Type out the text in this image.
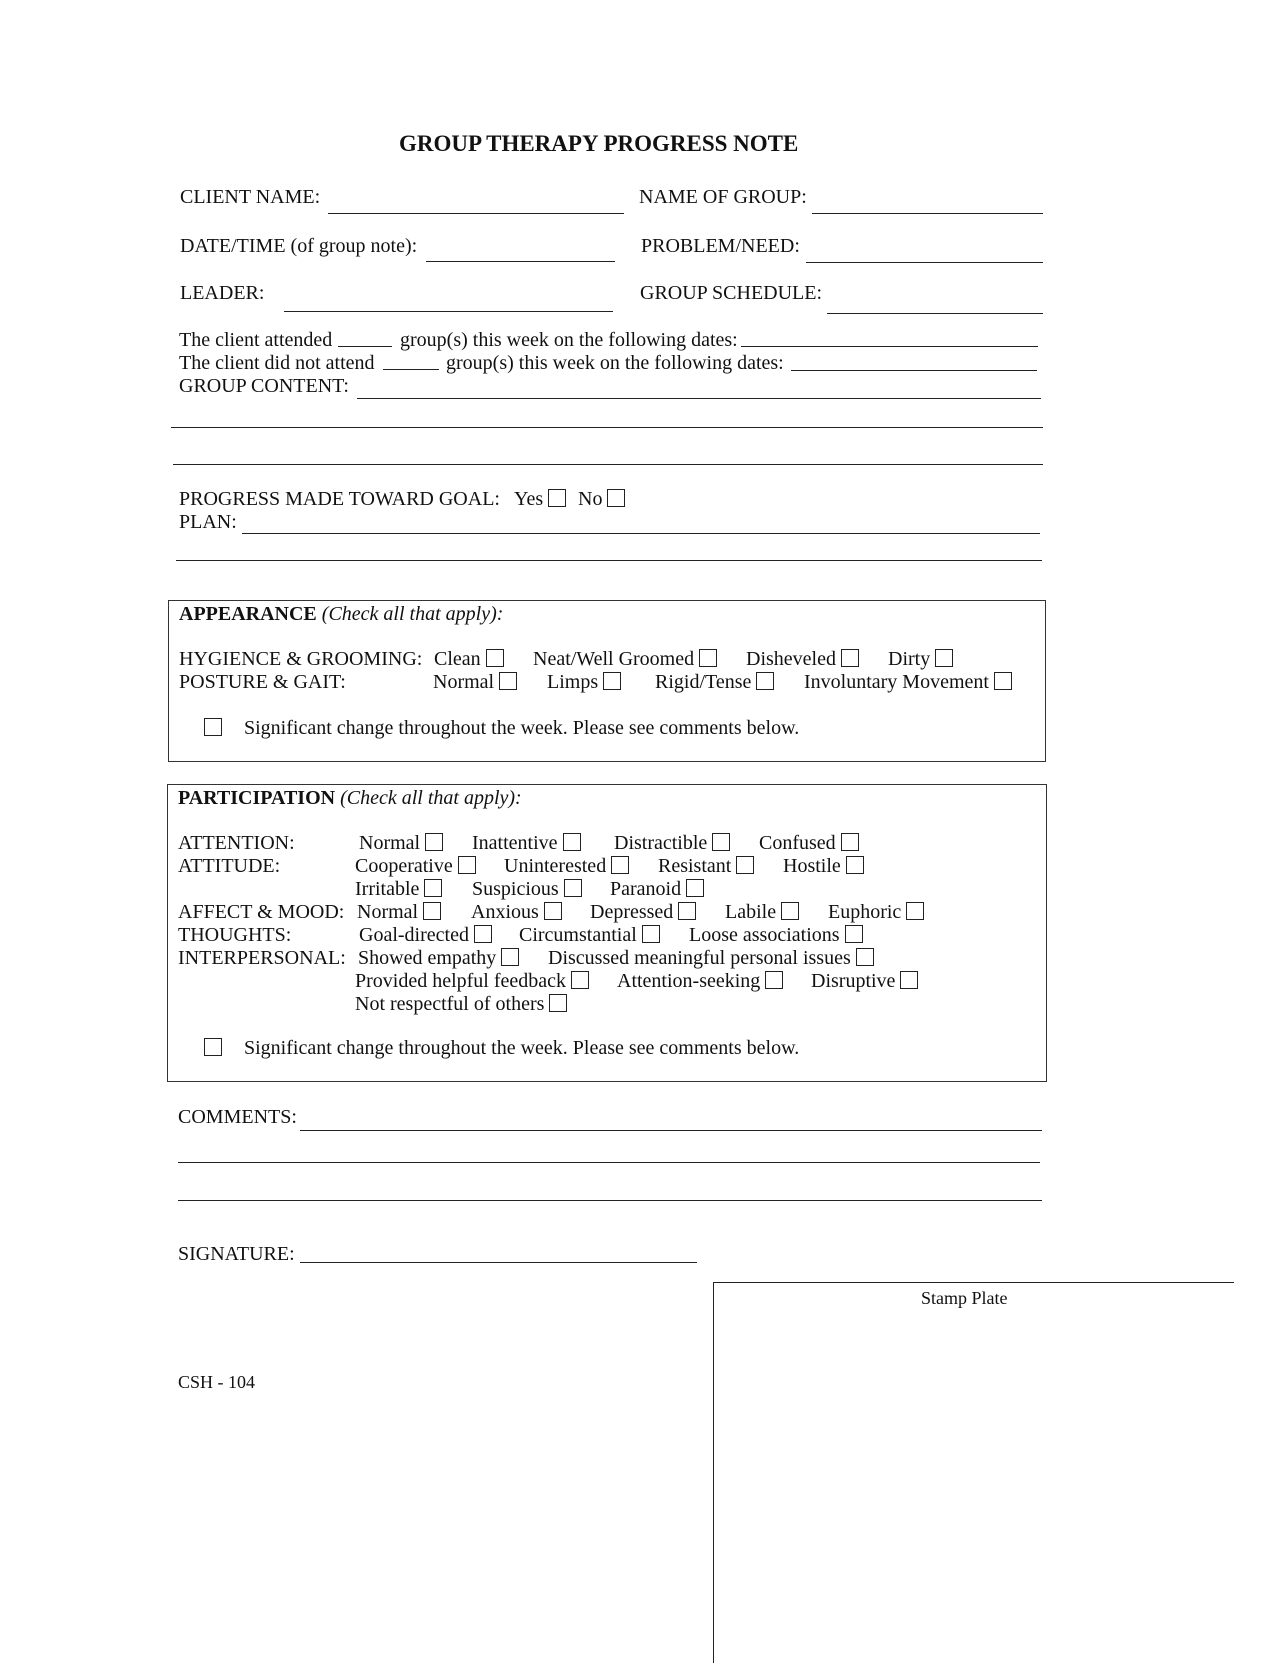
GROUP THERAPY PROGRESS NOTE
CLIENT NAME:	NAME OF GROUP:
DATE/TIME (of group note):	PROBLEM/NEED:
LEADER:	GROUP SCHEDULE:
The client attended	group(s) this week on the following dates:
The client did not attend	group(s) this week on the following dates:
GROUP CONTENT:
PROGRESS MADE TOWARD GOAL: Yes	No
PLAN:
APPEARANCE (Check all that apply):
HYGIENCE & GROOMING: Clean	Neat/Well Groomed	Disheveled	Dirty
POSTURE & GAIT:	Normal	Limps	Rigid/Tense	Involuntary Movement
Significant change throughout the week. Please see comments below.
PARTICIPATION (Check all that apply):
ATTENTION:	Normal	Inattentive	Distractible	Confused
ATTITUDE:	Cooperative	Uninterested	Resistant	Hostile
Irritable	Suspicious	Paranoid
AFFECT & MOOD: Normal	Anxious	Depressed	Labile	Euphoric
THOUGHTS:	Goal-directed	Circumstantial	Loose associations
INTERPERSONAL: Showed empathy	Discussed meaningful personal issues
Provided helpful feedback	Attention-seeking	Disruptive
Not respectful of others
Significant change throughout the week. Please see comments below.
COMMENTS:
SIGNATURE:
CSH - 104
Stamp Plate
